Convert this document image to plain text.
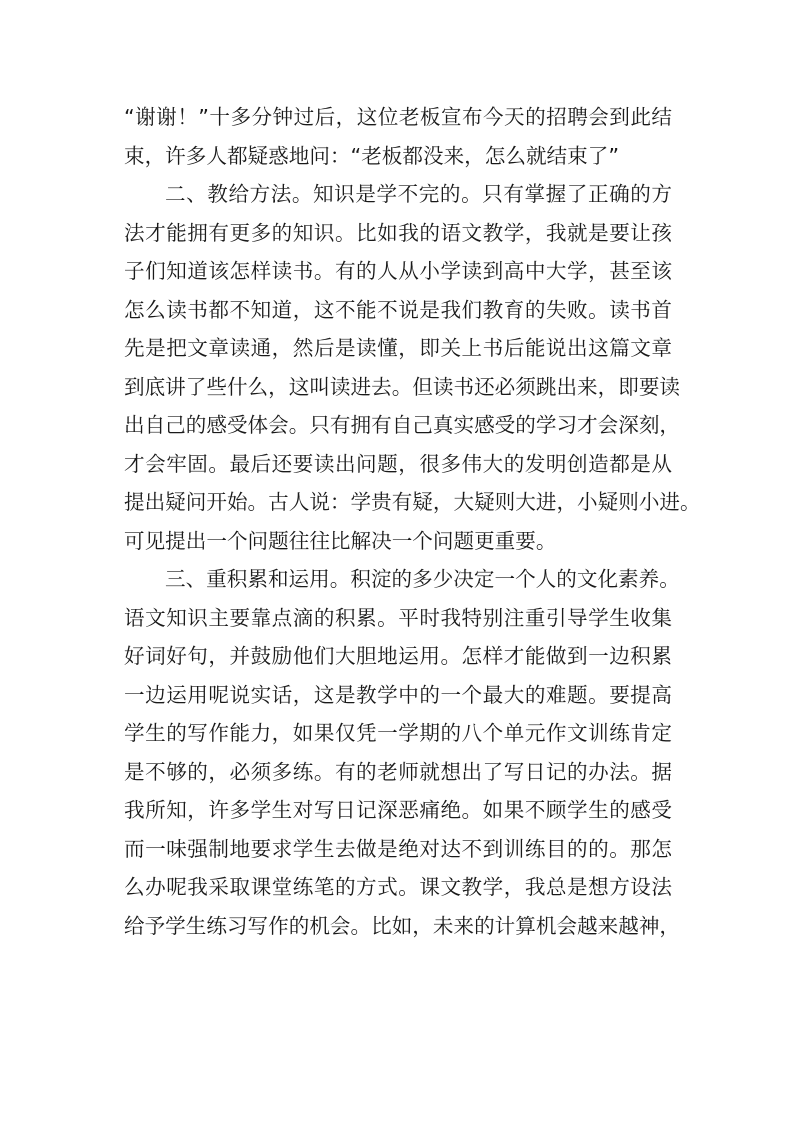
“谢谢！”十多分钟过后，这位老板宣布今天的招聘会到此结
束，许多人都疑惑地问：“老板都没来，怎么就结束了”
二、教给方法。知识是学不完的。只有掌握了正确的方
法才能拥有更多的知识。比如我的语文教学，我就是要让孩
子们知道该怎样读书。有的人从小学读到高中大学，甚至该
怎么读书都不知道，这不能不说是我们教育的失败。读书首
先是把文章读通，然后是读懂，即关上书后能说出这篇文章
到底讲了些什么，这叫读进去。但读书还必须跳出来，即要读
出自己的感受体会。只有拥有自己真实感受的学习才会深刻，
才会牢固。最后还要读出问题，很多伟大的发明创造都是从
提出疑问开始。古人说：学贵有疑，大疑则大进，小疑则小进。
可见提出一个问题往往比解决一个问题更重要。
三、重积累和运用。积淀的多少决定一个人的文化素养。
语文知识主要靠点滴的积累。平时我特别注重引导学生收集
好词好句，并鼓励他们大胆地运用。怎样才能做到一边积累
一边运用呢说实话，这是教学中的一个最大的难题。要提高
学生的写作能力，如果仅凭一学期的八个单元作文训练肯定
是不够的，必须多练。有的老师就想出了写日记的办法。据
我所知，许多学生对写日记深恶痛绝。如果不顾学生的感受
而一味强制地要求学生去做是绝对达不到训练目的的。那怎
么办呢我采取课堂练笔的方式。课文教学，我总是想方设法
给予学生练习写作的机会。比如，未来的计算机会越来越神，
